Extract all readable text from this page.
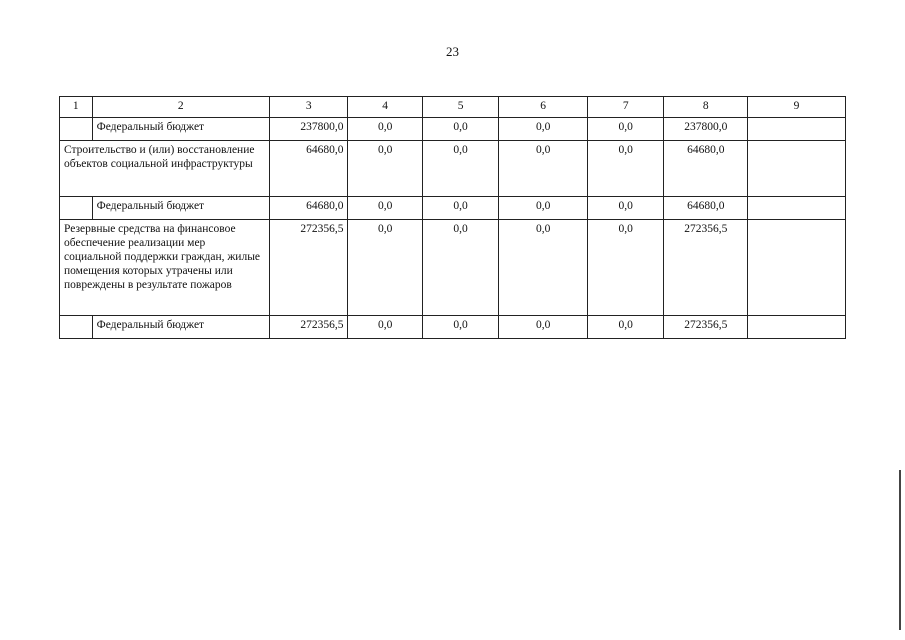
23
1	2	3	4	5	6	7	8	9
	Федеральный бюджет	237800,0	0,0	0,0	0,0	0,0	237800,0	
Строительство и (или) восстановление объектов социальной инфраструктуры		64680,0	0,0	0,0	0,0	0,0	64680,0	
	Федеральный бюджет	64680,0	0,0	0,0	0,0	0,0	64680,0	
Резервные средства на финансовое обеспечение реализации мер социальной поддержки граждан, жилые помещения которых утрачены или повреждены в результате пожаров		272356,5	0,0	0,0	0,0	0,0	272356,5	
	Федеральный бюджет	272356,5	0,0	0,0	0,0	0,0	272356,5	
